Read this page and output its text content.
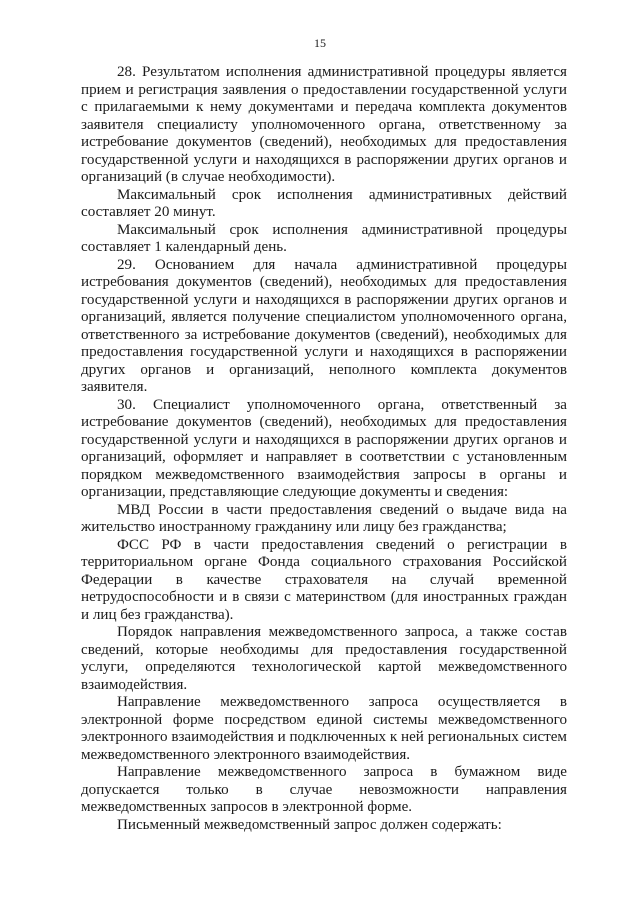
15

28. Результатом исполнения административной процедуры является прием и регистрация заявления о предоставлении государственной услуги с прилагаемыми к нему документами и передача комплекта документов заявителя специалисту уполномоченного органа, ответственному за истребование документов (сведений), необходимых для предоставления государственной услуги и находящихся в распоряжении других органов и организаций (в случае необходимости).

Максимальный срок исполнения административных действий составляет 20 минут.

Максимальный срок исполнения административной процедуры составляет 1 календарный день.

29. Основанием для начала административной процедуры истребования документов (сведений), необходимых для предоставления государственной услуги и находящихся в распоряжении других органов и организаций, является получение специалистом уполномоченного органа, ответственного за истребование документов (сведений), необходимых для предоставления государственной услуги и находящихся в распоряжении других органов и организаций, неполного комплекта документов заявителя.

30. Специалист уполномоченного органа, ответственный за истребование документов (сведений), необходимых для предоставления государственной услуги и находящихся в распоряжении других органов и организаций, оформляет и направляет в соответствии с установленным порядком межведомственного взаимодействия запросы в органы и организации, представляющие следующие документы и сведения:

МВД России в части предоставления сведений о выдаче вида на жительство иностранному гражданину или лицу без гражданства;

ФСС РФ в части предоставления сведений о регистрации в территориальном органе Фонда социального страхования Российской Федерации в качестве страхователя на случай временной нетрудоспособности и в связи с материнством (для иностранных граждан и лиц без гражданства).

Порядок направления межведомственного запроса, а также состав сведений, которые необходимы для предоставления государственной услуги, определяются технологической картой межведомственного взаимодействия.

Направление межведомственного запроса осуществляется в электронной форме посредством единой системы межведомственного электронного взаимодействия и подключенных к ней региональных систем межведомственного электронного взаимодействия.

Направление межведомственного запроса в бумажном виде допускается только в случае невозможности направления межведомственных запросов в электронной форме.

Письменный межведомственный запрос должен содержать:
